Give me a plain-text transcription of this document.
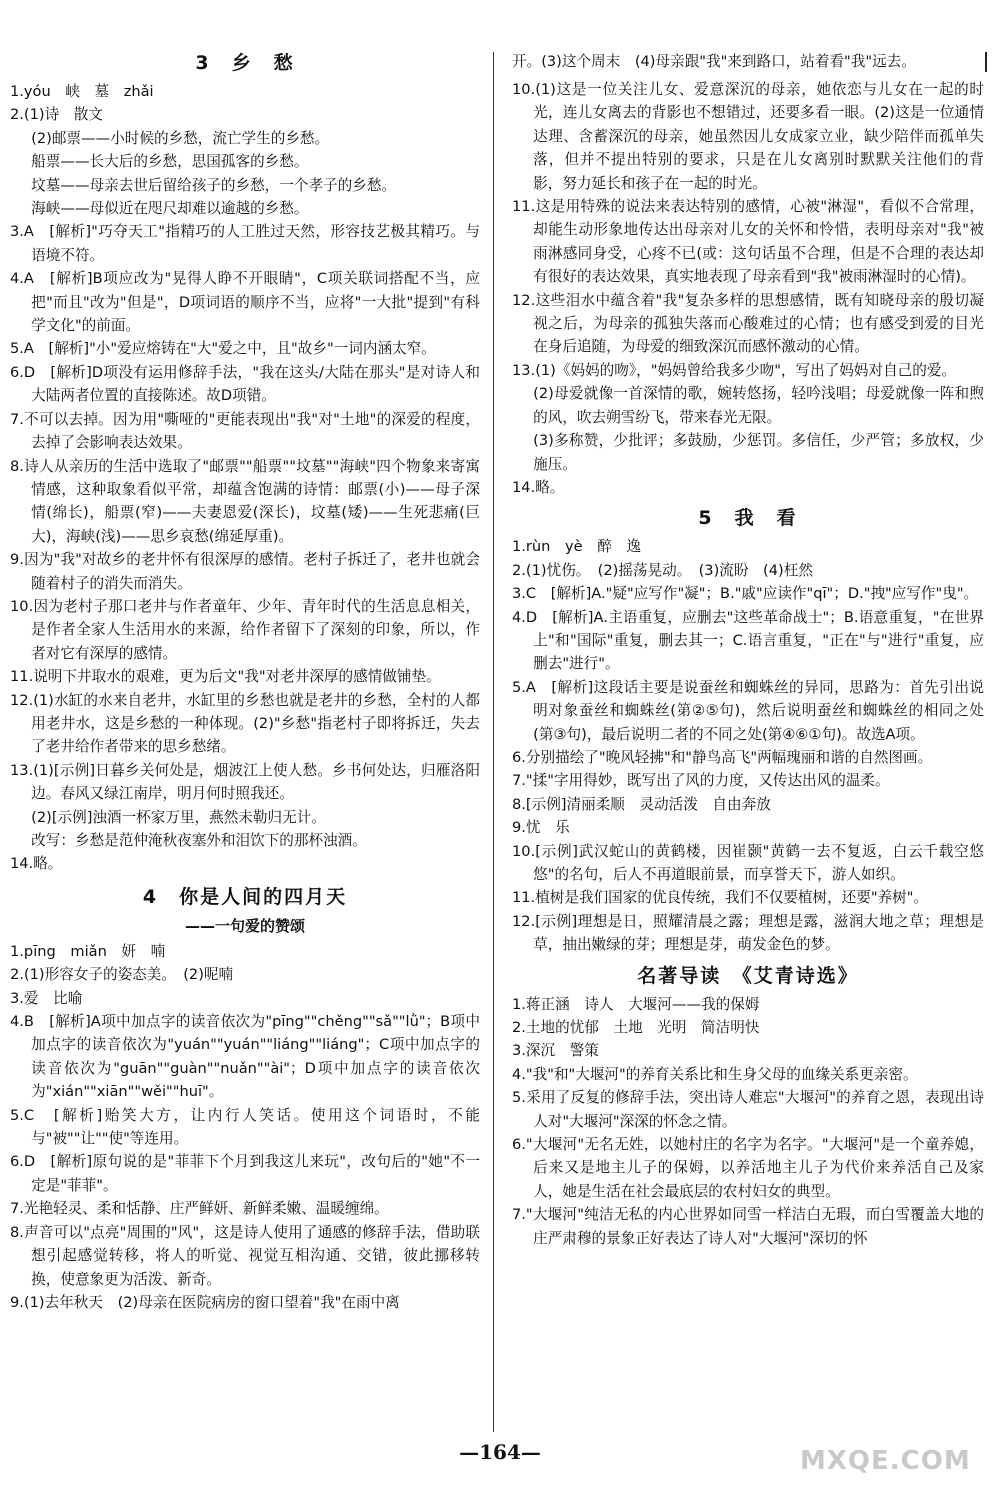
3　乡　愁
1.yóu　峡　墓　zhǎi
2.(1)诗　散文
(2)邮票——小时候的乡愁，流亡学生的乡愁。
船票——长大后的乡愁，思国孤客的乡愁。
坟墓——母亲去世后留给孩子的乡愁，一个孝子的乡愁。
海峡——母似近在咫尺却难以逾越的乡愁。
3.A　[解析]"巧夺天工"指精巧的人工胜过天然，形容技艺极其精巧。与语境不符。
4.A　[解析]B项应改为"晃得人睁不开眼睛"，C项关联词搭配不当，应把"而且"改为"但是"，D项词语的顺序不当，应将"一大批"提到"有科学文化"的前面。
5.A　[解析]"小"爱应熔铸在"大"爱之中，且"故乡"一词内涵太窄。
6.D　[解析]D项没有运用修辞手法，"我在这头/大陆在那头"是对诗人和大陆两者位置的直接陈述。故D项错。
7.不可以去掉。因为用"嘶哑的"更能表现出"我"对"土地"的深爱的程度，去掉了会影响表达效果。
8.诗人从亲历的生活中选取了"邮票""船票""坟墓""海峡"四个物象来寄寓情感，这种取象看似平常，却蕴含饱满的诗情：邮票(小)——母子深情(绵长)，船票(窄)——夫妻恩爱(深长)，坟墓(矮)——生死悲痛(巨大)，海峡(浅)——思乡哀愁(绵延厚重)。
9.因为"我"对故乡的老井怀有很深厚的感情。老村子拆迁了，老井也就会随着村子的消失而消失。
10.因为老村子那口老井与作者童年、少年、青年时代的生活息息相关，是作者全家人生活用水的来源，给作者留下了深刻的印象，所以，作者对它有深厚的感情。
11.说明下井取水的艰难，更为后文"我"对老井深厚的感情做铺垫。
12.(1)水缸的水来自老井，水缸里的乡愁也就是老井的乡愁，全村的人都用老井水，这是乡愁的一种体现。(2)"乡愁"指老村子即将拆迁，失去了老井给作者带来的思乡愁绪。
13.(1)[示例]日暮乡关何处是，烟波江上使人愁。乡书何处达，归雁洛阳边。春风又绿江南岸，明月何时照我还。
(2)[示例]浊酒一杯家万里，燕然未勒归无计。
改写：乡愁是范仲淹秋夜塞外和泪饮下的那杯浊酒。
14.略。
4　你是人间的四月天
——一句爱的赞颂
1.pīng　miǎn　妍　喃
2.(1)形容女子的姿态美。　(2)呢喃
3.爱　比喻
4.B　[解析]A项中加点字的读音依次为"pīng""chěng""sǎ""lǜ"；B项中加点字的读音依次为"yuán""yuán""liáng""liáng"；C项中加点字的读音依次为"guān""guàn""nuǎn""ài"；D项中加点字的读音依次为"xián""xiān""wěi""huī"。
5.C　[解析]贻笑大方，让内行人笑话。使用这个词语时，不能与"被""让""使"等连用。
6.D　[解析]原句说的是"菲菲下个月到我这儿来玩"，改句后的"她"不一定是"菲菲"。
7.光艳轻灵、柔和恬静、庄严鲜妍、新鲜柔嫩、温暖缠绵。
8.声音可以"点亮"周围的"风"，这是诗人使用了通感的修辞手法，借助联想引起感觉转移，将人的听觉、视觉互相沟通、交错，彼此挪移转换，使意象更为活泼、新奇。
9.(1)去年秋天　(2)母亲在医院病房的窗口望着"我"在雨中离
开。(3)这个周末　(4)母亲跟"我"来到路口，站着看"我"远去。
10.(1)这是一位关注儿女、爱意深沉的母亲，她依恋与儿女在一起的时光，连儿女离去的背影也不想错过，还要多看一眼。(2)这是一位通情达理、含蓄深沉的母亲，她虽然因儿女成家立业，缺少陪伴而孤单失落，但并不提出特别的要求，只是在儿女离别时默默关注他们的背影，努力延长和孩子在一起的时光。
11.这是用特殊的说法来表达特别的感情，心被"淋湿"，看似不合常理，却能生动形象地传达出母亲对儿女的关怀和怜惜，表明母亲对"我"被雨淋感同身受，心疼不已(或：这句话虽不合理，但是不合理的表达却有很好的表达效果，真实地表现了母亲看到"我"被雨淋湿时的心情)。
12.这些泪水中蕴含着"我"复杂多样的思想感情，既有知晓母亲的殷切凝视之后，为母亲的孤独失落而心酸难过的心情；也有感受到爱的目光在身后追随，为母爱的细致深沉而感怀激动的心情。
13.(1)《妈妈的吻》，"妈妈曾给我多少吻"，写出了妈妈对自己的爱。
(2)母爱就像一首深情的歌，婉转悠扬，轻吟浅唱；母爱就像一阵和煦的风，吹去朔雪纷飞，带来春光无限。
(3)多称赞，少批评；多鼓励，少惩罚。多信任，少严管；多放权，少施压。
14.略。
5　我　看
1.rùn　yè　醉　逸
2.(1)忧伤。　(2)摇荡晃动。　(3)流盼　(4)枉然
3.C　[解析]A."疑"应写作"凝"；B."戚"应读作"qī"；D."拽"应写作"曳"。
4.D　[解析]A.主语重复，应删去"这些革命战士"；B.语意重复，"在世界上"和"国际"重复，删去其一；C.语言重复，"正在"与"进行"重复，应删去"进行"。
5.A　[解析]这段话主要是说蚕丝和蜘蛛丝的异同，思路为：首先引出说明对象蚕丝和蜘蛛丝(第②⑤句)，然后说明蚕丝和蜘蛛丝的相同之处(第③句)，最后说明二者的不同之处(第④⑥①句)。故选A项。
6.分别描绘了"晚风轻拂"和"静鸟高飞"两幅瑰丽和谐的自然图画。
7."揉"字用得妙，既写出了风的力度，又传达出风的温柔。
8.[示例]清丽柔顺　灵动活泼　自由奔放
9.忧　乐
10.[示例]武汉蛇山的黄鹤楼，因崔颢"黄鹤一去不复返，白云千载空悠悠"的名句，后人不再道眼前景，而享誉天下，游人如织。
11.植树是我们国家的优良传统，我们不仅要植树，还要"养树"。
12.[示例]理想是日，照耀清晨之露；理想是露，滋润大地之草；理想是草，抽出嫩绿的芽；理想是芽，萌发金色的梦。
名著导读　《艾青诗选》
1.蒋正涵　诗人　大堰河——我的保姆
2.土地的忧郁　土地　光明　简洁明快
3.深沉　警策
4."我"和"大堰河"的养育关系比和生身父母的血缘关系更亲密。
5.采用了反复的修辞手法，突出诗人难忘"大堰河"的养育之恩，表现出诗人对"大堰河"深深的怀念之情。
6."大堰河"无名无姓，以她村庄的名字为名字。"大堰河"是一个童养媳，后来又是地主儿子的保姆，以养活地主儿子为代价来养活自己及家人，她是生活在社会最底层的农村妇女的典型。
7."大堰河"纯洁无私的内心世界如同雪一样洁白无瑕，而白雪覆盖大地的庄严肃穆的景象正好表达了诗人对"大堰河"深切的怀
—164—	MXQE.COM
